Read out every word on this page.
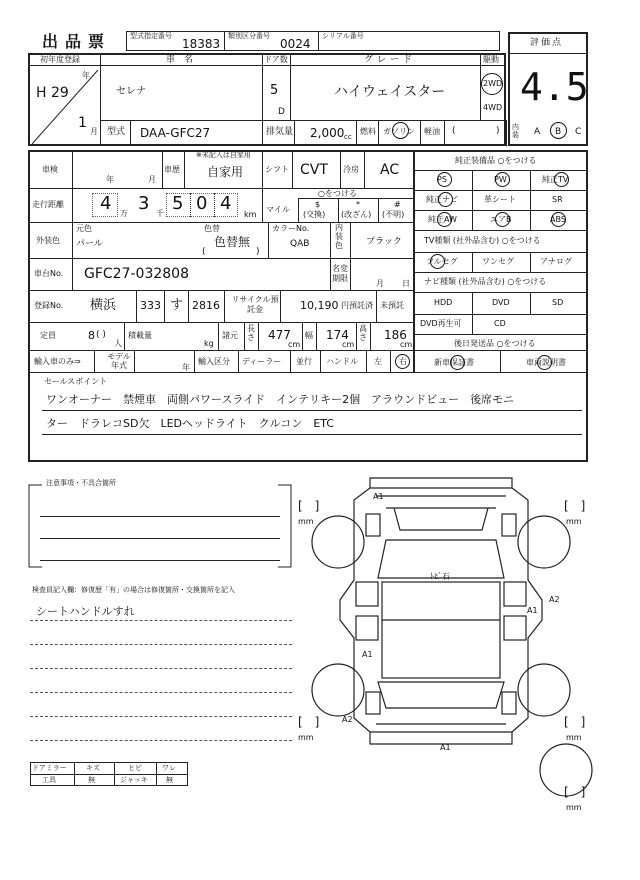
出品票	型式指定番号
18383
類別区分番号
0024
シリアル番号
評価点
4.5
初年度登録
年
H 29
1
月
車　名
セレナ
ドア数
5
D
グレード
ハイウェイスター
駆動
2WD
4WD
型式 DAA-GFC27	排気量 2,000 cc
燃料 ガソリン 軽油 (	) 内装 A B C
車検
年	月
車歴
※未記入は自家用
自家用	シフト CVT 冷房 AC
走行距離 4 万 3 千 5 0 4
km
マイル
○をつける
$
(交換)
*
(改ざん)
#
(不明)
外装色
元色
パール
色替
色替無
(	)
カラーNo.
QAB
内装色	ブラック
車台No. GFC27-032808	名変期限
月 日
登録No. 横浜 333 す 2816 リサイクル預託金	10,190 円預託済 未預託
定員	8 ( )
人
積載量
kg
諸元
長さ 477
cm
幅 174
cm
高さ 186
cm
輸入車のみ⇒
モデル年式	年
輸入区分 ディーラー 並行 ハンドル 左 右
純正装備品 ○をつける
PS	PW	純正TV
純正ナビ	革シート	SR
純正AW	エアB	ABS
TV種類 (社外品含む) ○をつける
フルセグ	ワンセグ	アナログ
ナビ種類 (社外品含む) ○をつける
HDD	DVD	SD
DVD再生可	CD
後日発送品 ○をつける
新車保証書	車両説明書
セールスポイント
ワンオーナー　禁煙車　両側パワースライド　インテリキー2個　アラウンドビュー　後席モニ
ター　ドラレコSD欠　LEDヘッドライト　クルコン　ETC
注意事項・不具合箇所
検査員記入欄：修復歴「有」の場合は修復箇所・交換箇所を記入
シートハンドルすれ
ドアミラー	キズ	ヒビ	ワレ
工具	無	ジャッキ	無
A1
ﾄﾋﾞ石
A1
A2
A1
A2
A1
[　]
mm
[　]
mm
[　]
mm
[　]
mm
[　]
mm
